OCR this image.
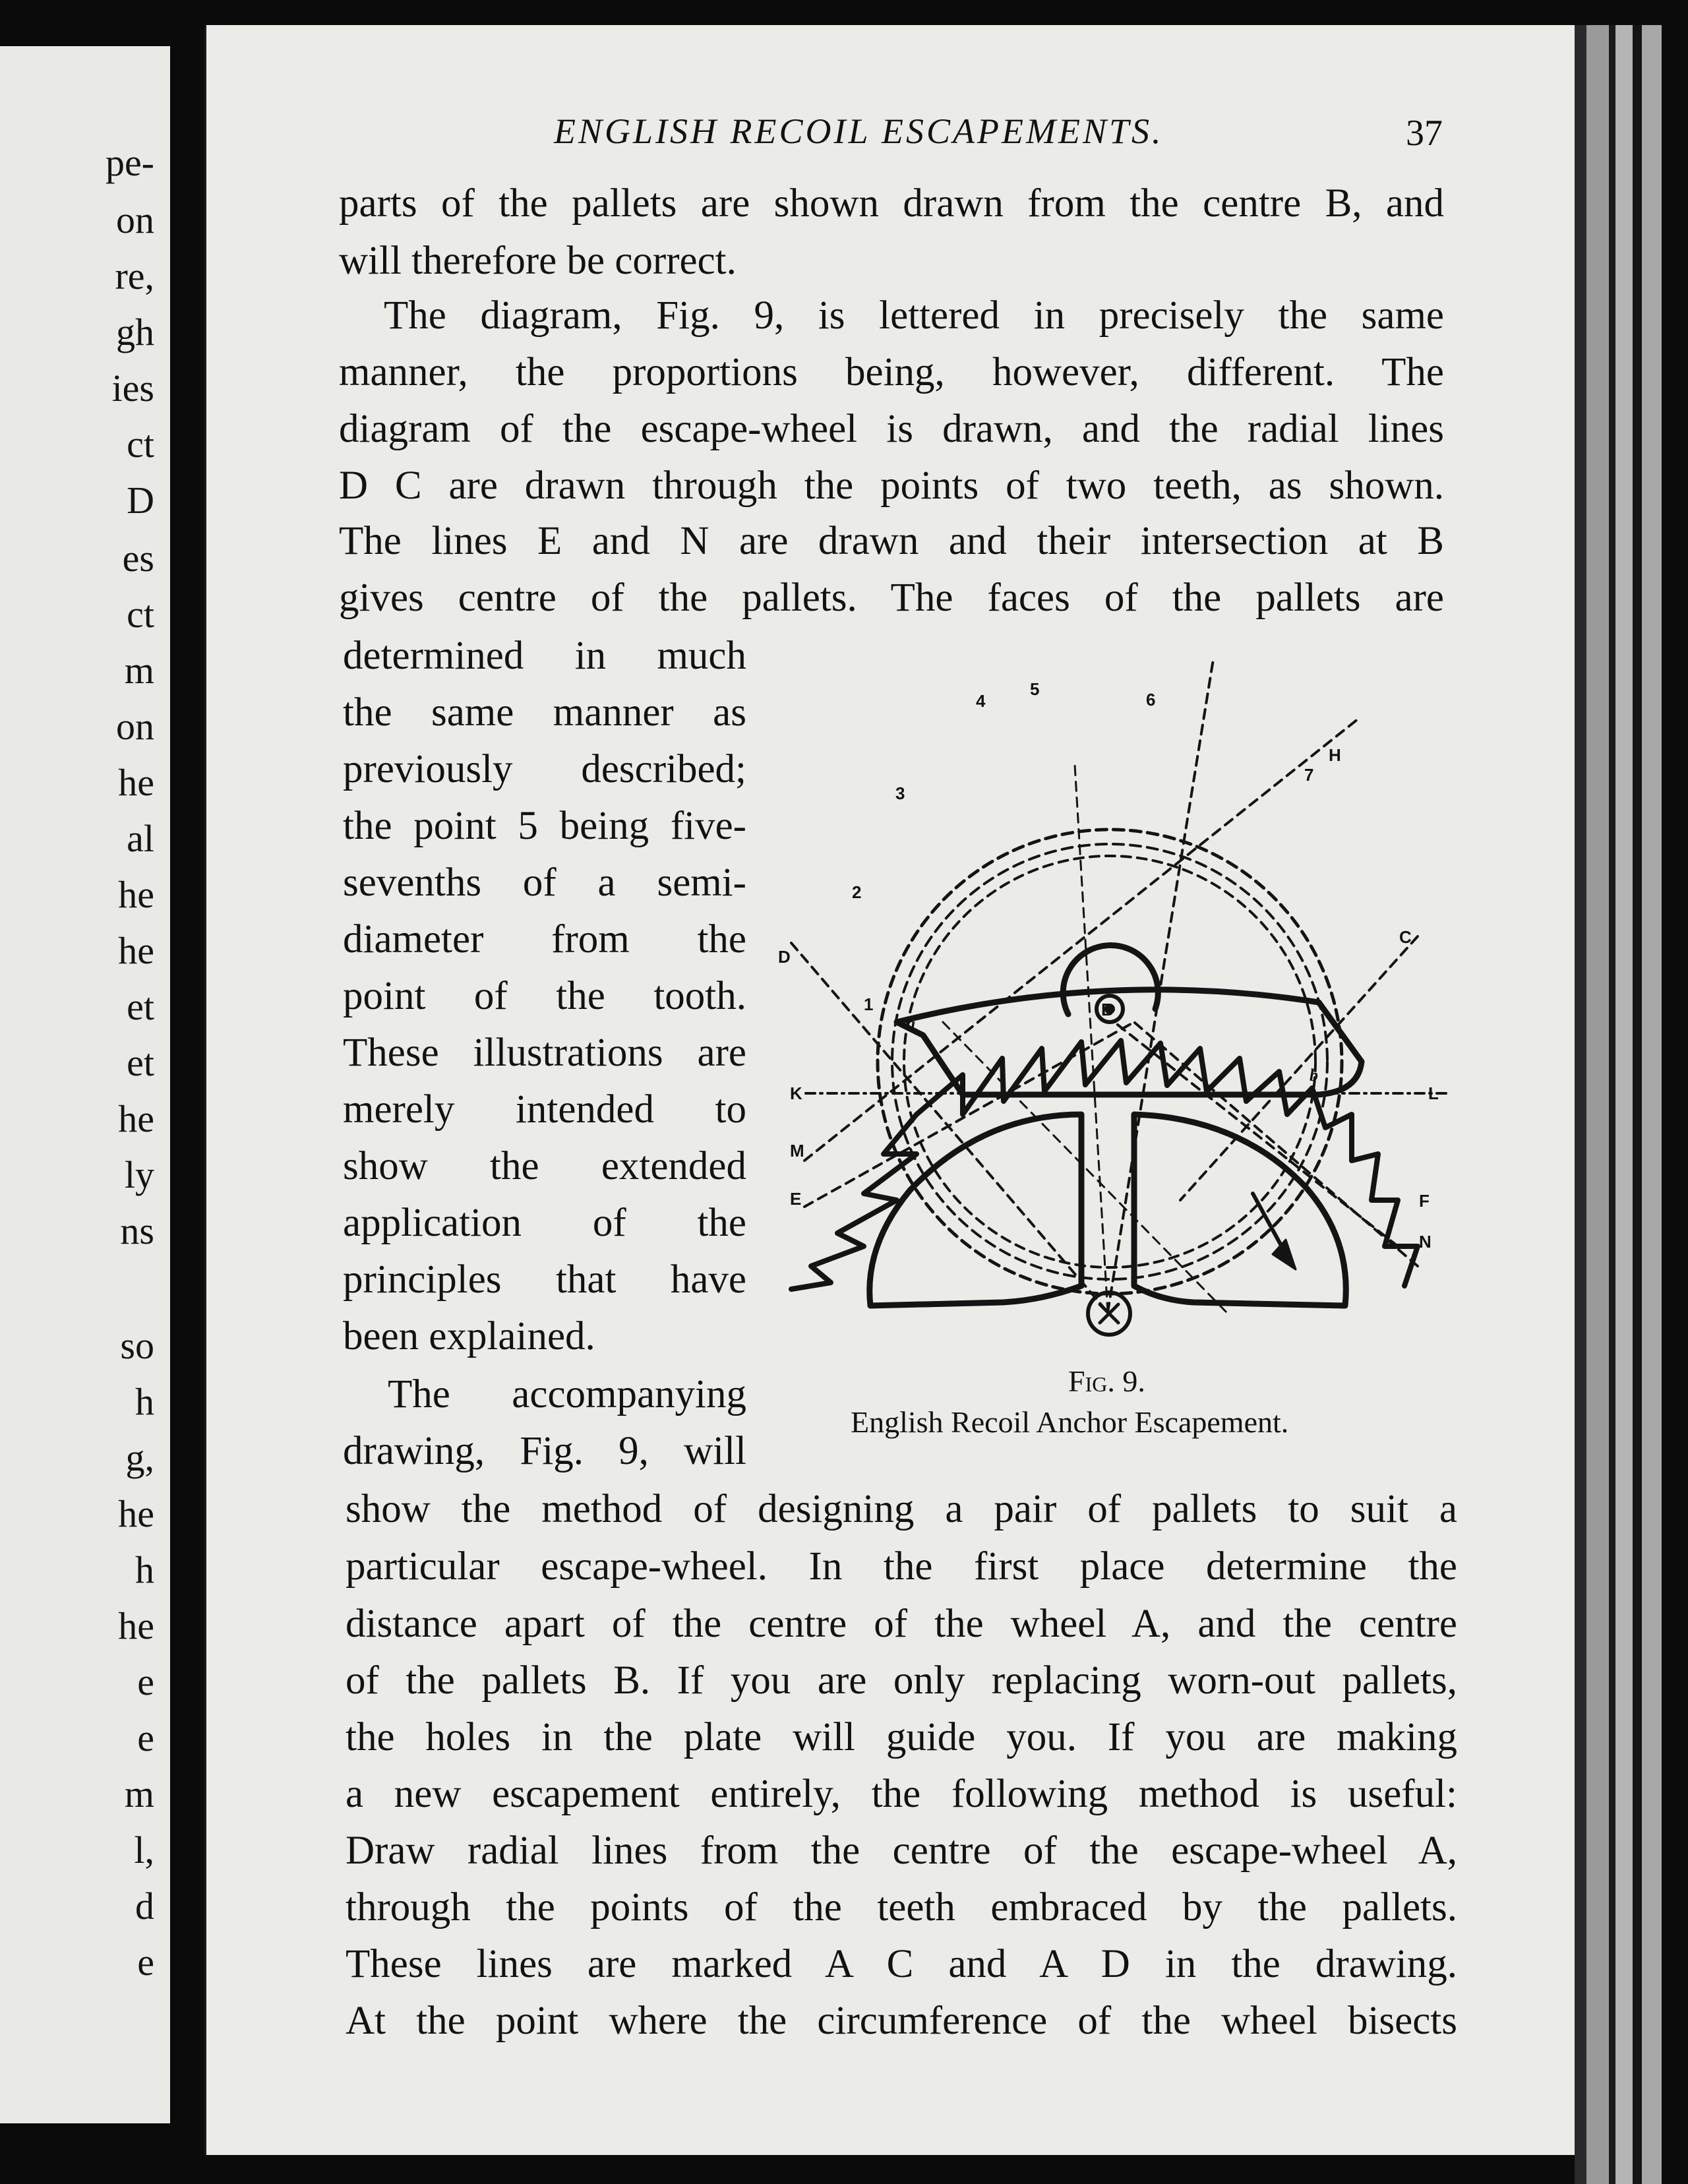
pe-
on
re,
gh
ies
ct
D
es
ct
m
on
he
al
he
he
et
et
he
ly
ns
so
h
g,
he
h
he
e
e
m
l,
d
e
ENGLISH RECOIL ESCAPEMENTS.	37
parts of the pallets are shown drawn from the centre B, and
will therefore be correct.
The diagram, Fig. 9, is lettered in precisely the same
manner, the proportions being, however, different. The
diagram of the escape-wheel is drawn, and the radial lines
D C are drawn through the points of two teeth, as shown.
The lines E and N are drawn and their intersection at B
gives centre of the pallets. The faces of the pallets are
determined in much
the same manner as
previously described;
the point 5 being five-
sevenths of a semi-
diameter from the
point of the tooth.
These illustrations are
merely intended to
show the extended
application of the
principles that have
been explained.
The accompanying
drawing, Fig. 9, will
show the method of designing a pair of pallets to suit a
particular escape-wheel. In the first place determine the
distance apart of the centre of the wheel A, and the centre
of the pallets B. If you are only replacing worn-out pallets,
the holes in the plate will guide you. If you are making
a new escapement entirely, the following method is useful:
Draw radial lines from the centre of the escape-wheel A,
through the points of the teeth embraced by the pallets.
These lines are marked A C and A D in the drawing.
At the point where the circumference of the wheel bisects
5
4	6
3
7
H
2
C
D
1	B
a
b
K	L
M
E	F
N
Fig. 9.
English Recoil Anchor Escapement.
